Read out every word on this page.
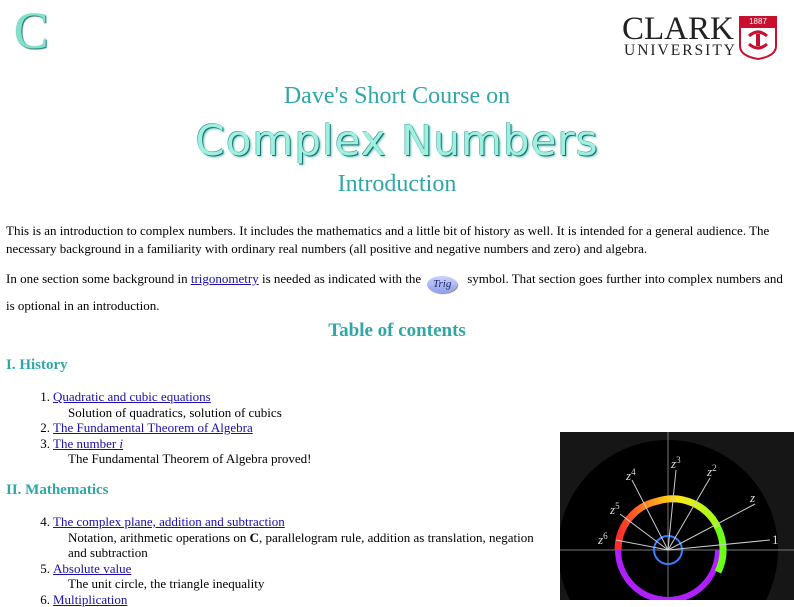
C	CLARK
UNIVERSITY
1887
Dave's Short Course on
Complex Numbers
Introduction

This is an introduction to complex numbers. It includes the mathematics and a little bit of history as well. It is intended for a general audience. The necessary background in a familiarity with ordinary real numbers (all positive and negative numbers and zero) and algebra.

In one section some background in trigonometry is needed as indicated with the Trig symbol. That section goes further into complex numbers and is optional in an introduction.

Table of contents
I. History
1. Quadratic and cubic equations
Solution of quadratics, solution of cubics
2. The Fundamental Theorem of Algebra
3. The number i
The Fundamental Theorem of Algebra proved!
II. Mathematics
4. The complex plane, addition and subtraction
Notation, arithmetic operations on C, parallelogram rule, addition as translation, negation and subtraction
5. Absolute value
The unit circle, the triangle inequality
6. Multiplication
1
z
$z^2$
$z^3$
$z^4$
$z^5$
$z^6$
